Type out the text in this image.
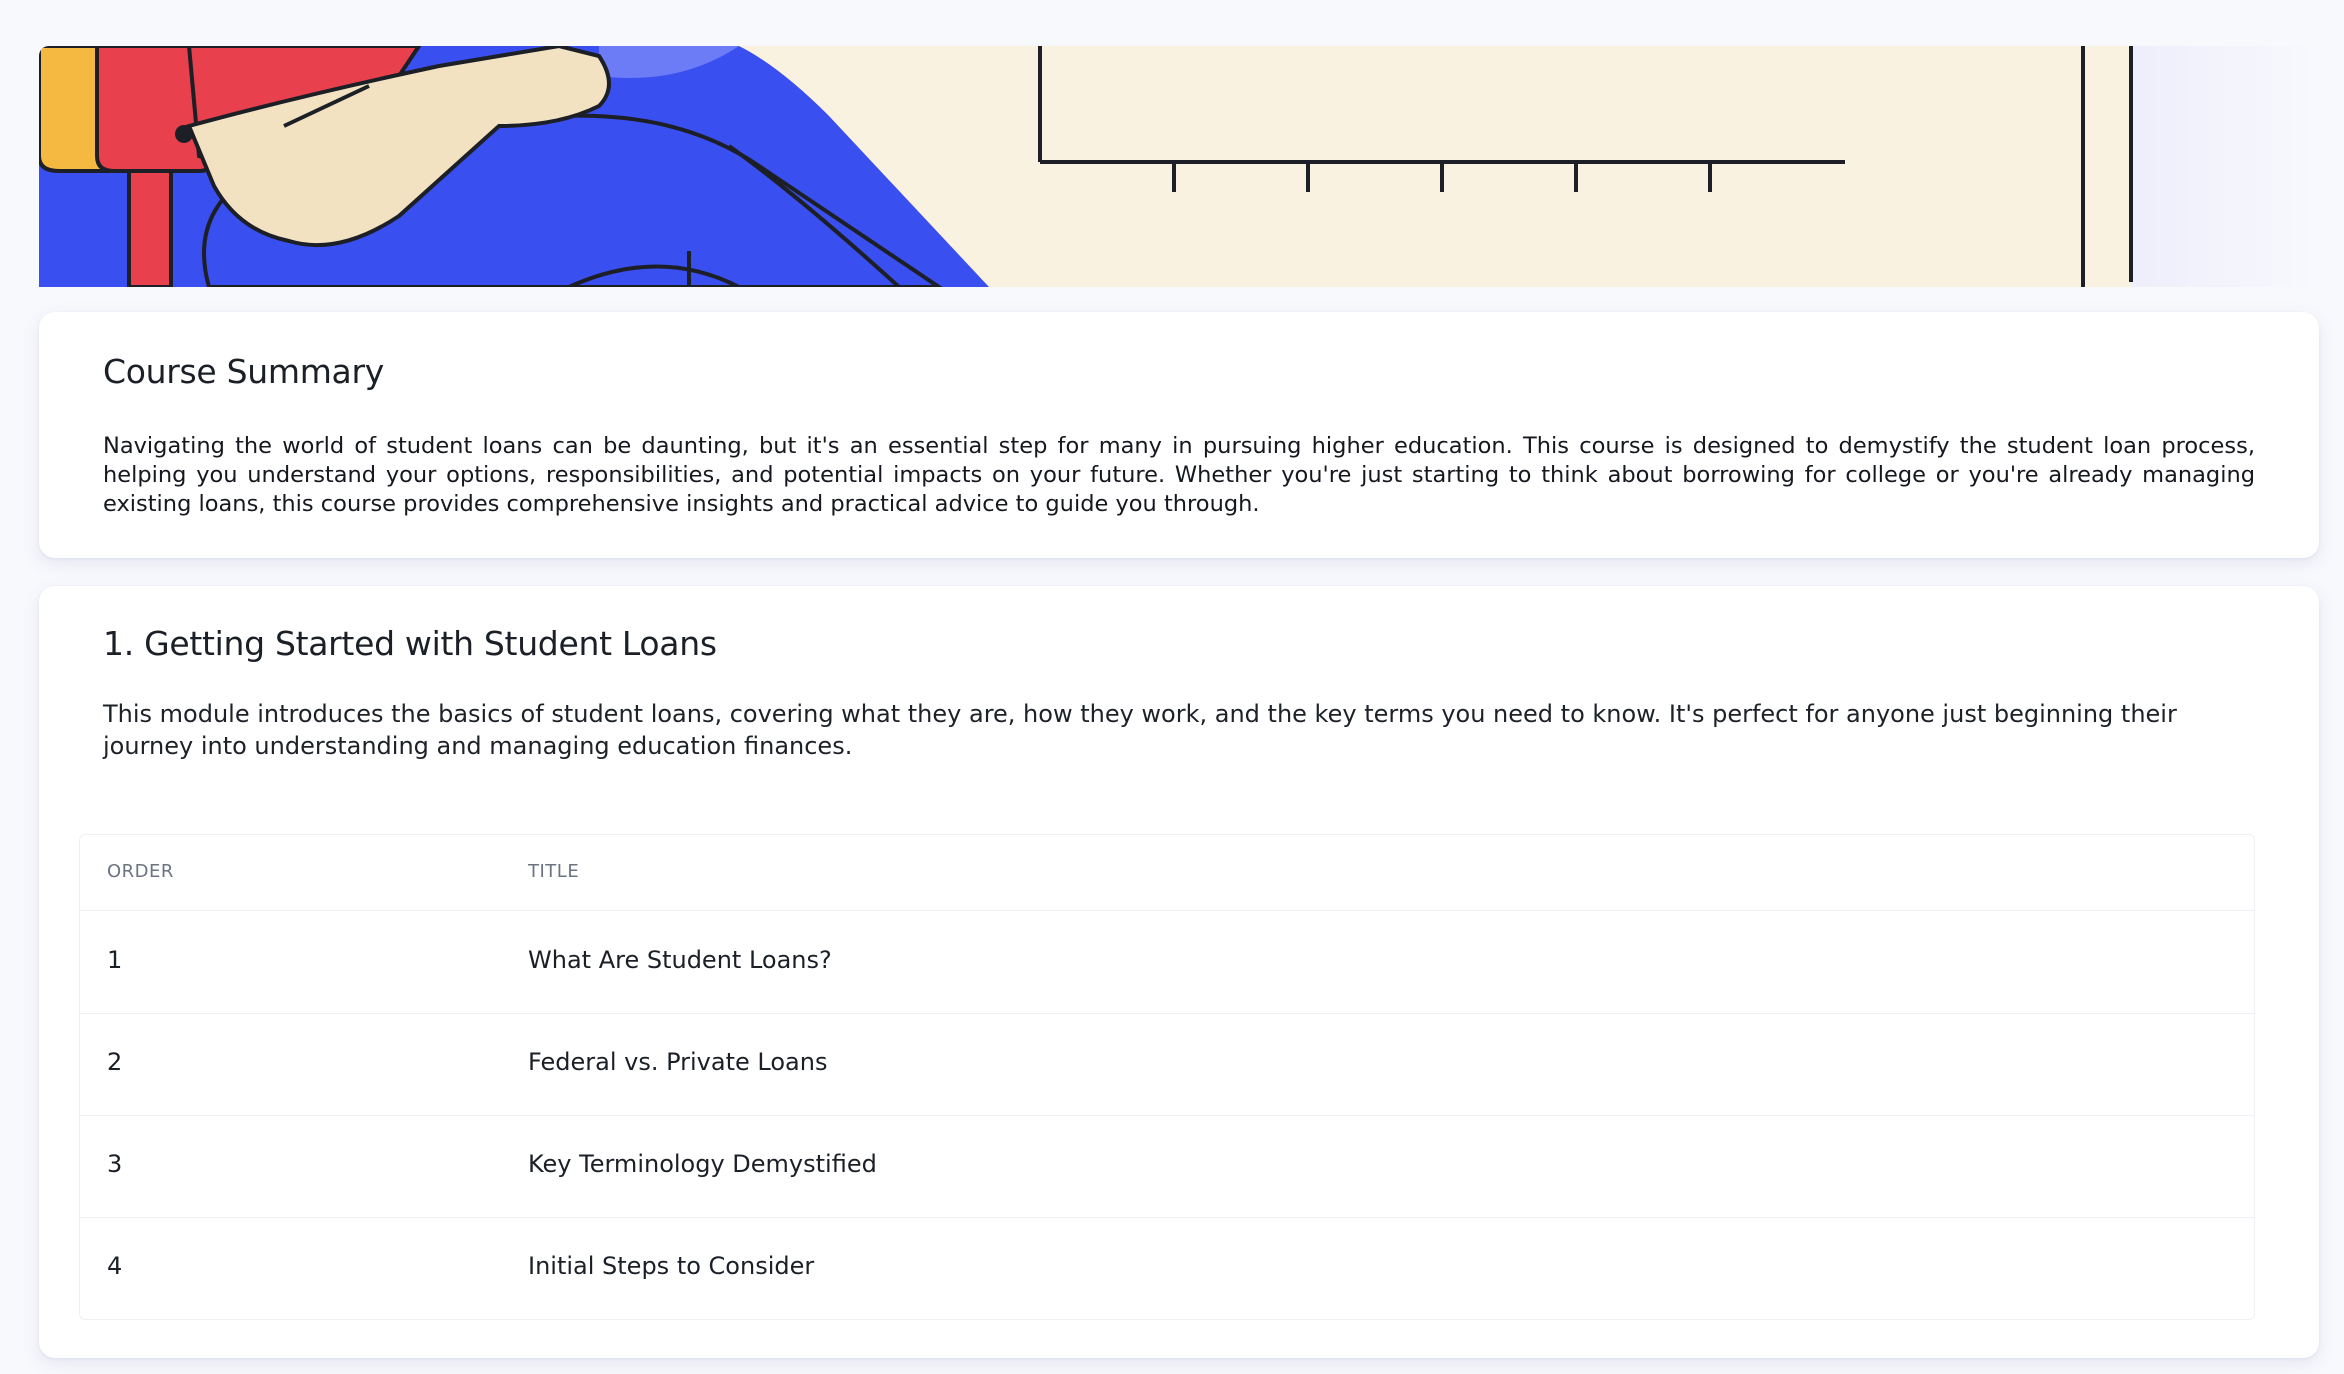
Course Summary

Navigating the world of student loans can be daunting, but it's an essential step for many in pursuing higher education. This course is designed to demystify the student loan process, helping you understand your options, responsibilities, and potential impacts on your future. Whether you're just starting to think about borrowing for college or you're already managing existing loans, this course provides comprehensive insights and practical advice to guide you through.

1. Getting Started with Student Loans

This module introduces the basics of student loans, covering what they are, how they work, and the key terms you need to know. It's perfect for anyone just beginning their journey into understanding and managing education finances.

ORDER	TITLE
1	What Are Student Loans?
2	Federal vs. Private Loans
3	Key Terminology Demystified
4	Initial Steps to Consider
